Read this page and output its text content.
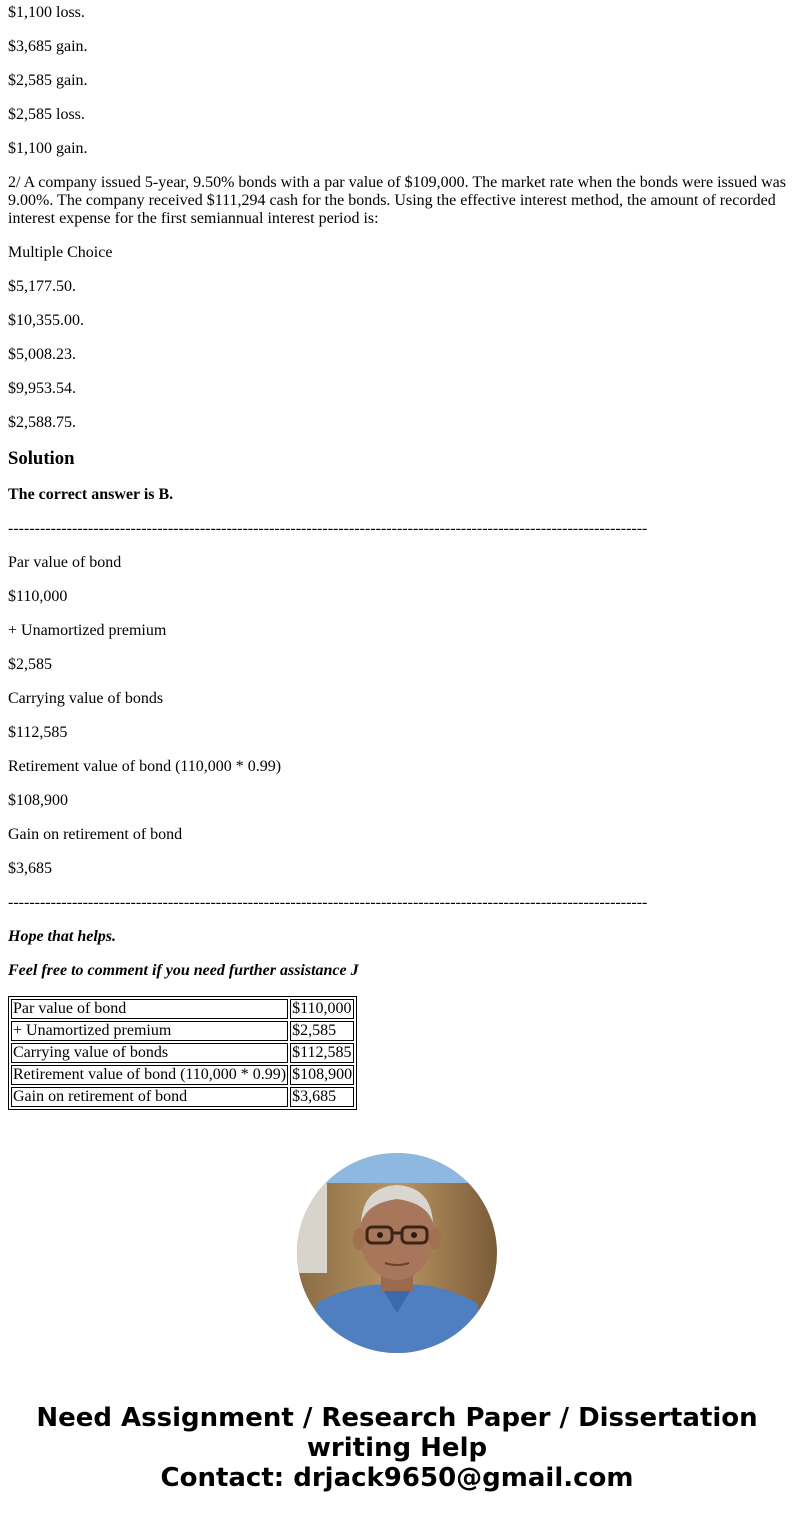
$1,100 loss.

$3,685 gain.

$2,585 gain.

$2,585 loss.

$1,100 gain.

2/ A company issued 5-year, 9.50% bonds with a par value of $109,000. The market rate when the bonds were issued was 9.00%. The company received $111,294 cash for the bonds. Using the effective interest method, the amount of recorded interest expense for the first semiannual interest period is:

Multiple Choice

$5,177.50.

$10,355.00.

$5,008.23.

$9,953.54.

$2,588.75.

Solution

The correct answer is B.

------------------------------------------------------------------------------------------------------------------------

Par value of bond

$110,000

+ Unamortized premium

$2,585

Carrying value of bonds

$112,585

Retirement value of bond (110,000 * 0.99)

$108,900

Gain on retirement of bond

$3,685

------------------------------------------------------------------------------------------------------------------------

Hope that helps.

Feel free to comment if you need further assistance J

Par value of bond	$110,000
+ Unamortized premium	$2,585
Carrying value of bonds	$112,585
Retirement value of bond (110,000 * 0.99)	$108,900
Gain on retirement of bond	$3,685
Need Assignment / Research Paper / Dissertation
writing Help
Contact: drjack9650@gmail.com
